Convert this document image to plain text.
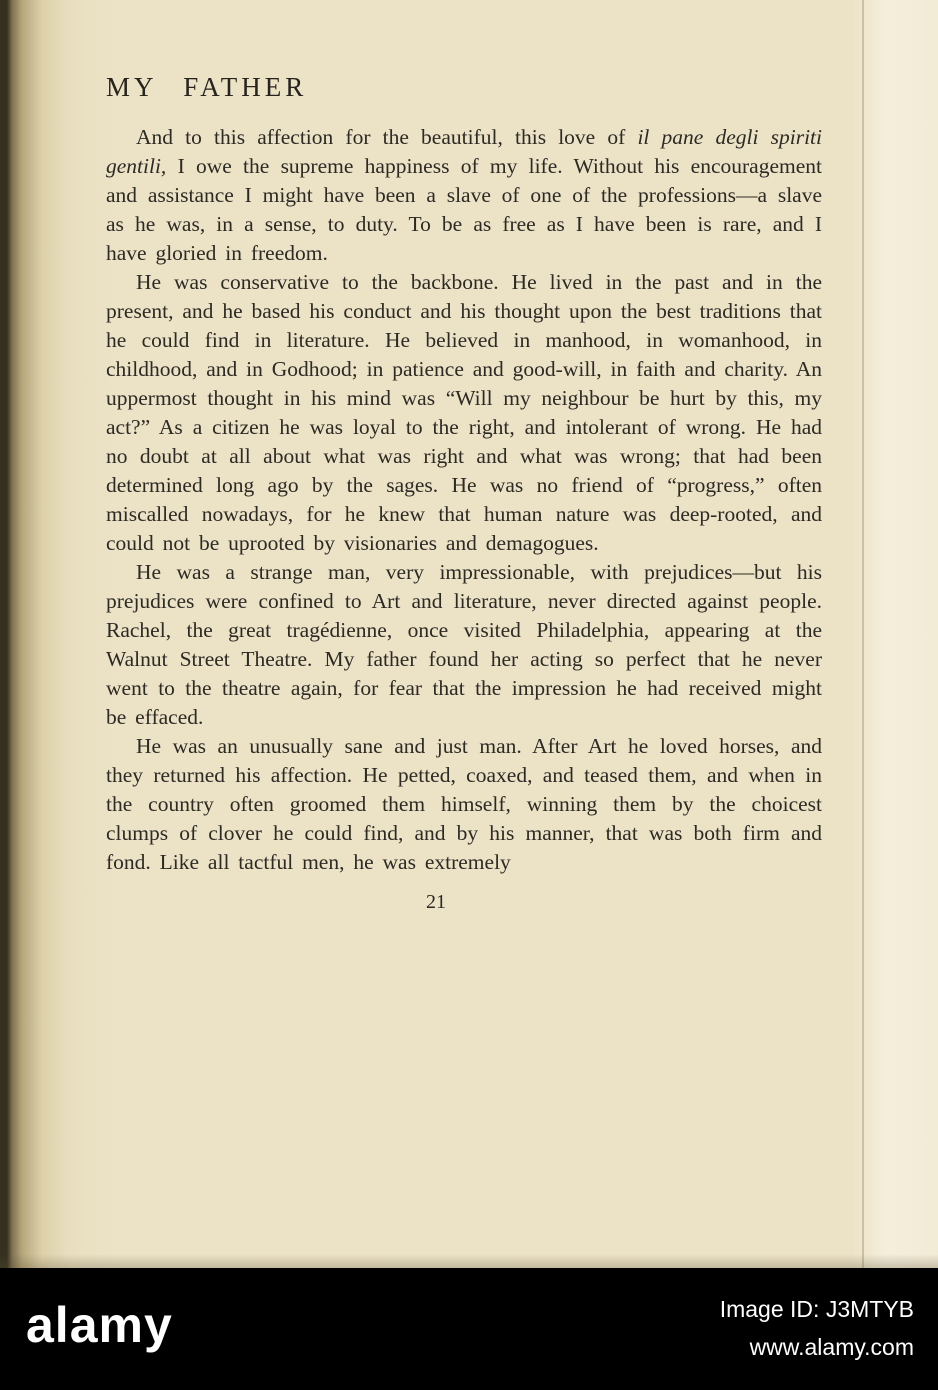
MY FATHER

And to this affection for the beautiful, this love of il pane degli spiriti gentili, I owe the supreme happiness of my life. Without his encouragement and assistance I might have been a slave of one of the professions—a slave as he was, in a sense, to duty. To be as free as I have been is rare, and I have gloried in freedom.

He was conservative to the backbone. He lived in the past and in the present, and he based his conduct and his thought upon the best traditions that he could find in literature. He believed in manhood, in womanhood, in childhood, and in Godhood; in patience and good-will, in faith and charity. An uppermost thought in his mind was “Will my neighbour be hurt by this, my act?” As a citizen he was loyal to the right, and intolerant of wrong. He had no doubt at all about what was right and what was wrong; that had been determined long ago by the sages. He was no friend of “progress,” often miscalled nowadays, for he knew that human nature was deep-rooted, and could not be uprooted by visionaries and demagogues.

He was a strange man, very impressionable, with prejudices—but his prejudices were confined to Art and literature, never directed against people. Rachel, the great tragédienne, once visited Philadelphia, appearing at the Walnut Street Theatre. My father found her acting so perfect that he never went to the theatre again, for fear that the impression he had received might be effaced.

He was an unusually sane and just man. After Art he loved horses, and they returned his affection. He petted, coaxed, and teased them, and when in the country often groomed them himself, winning them by the choicest clumps of clover he could find, and by his manner, that was both firm and fond. Like all tactful men, he was extremely

21
alamy	Image ID: J3MTYB
www.alamy.com
